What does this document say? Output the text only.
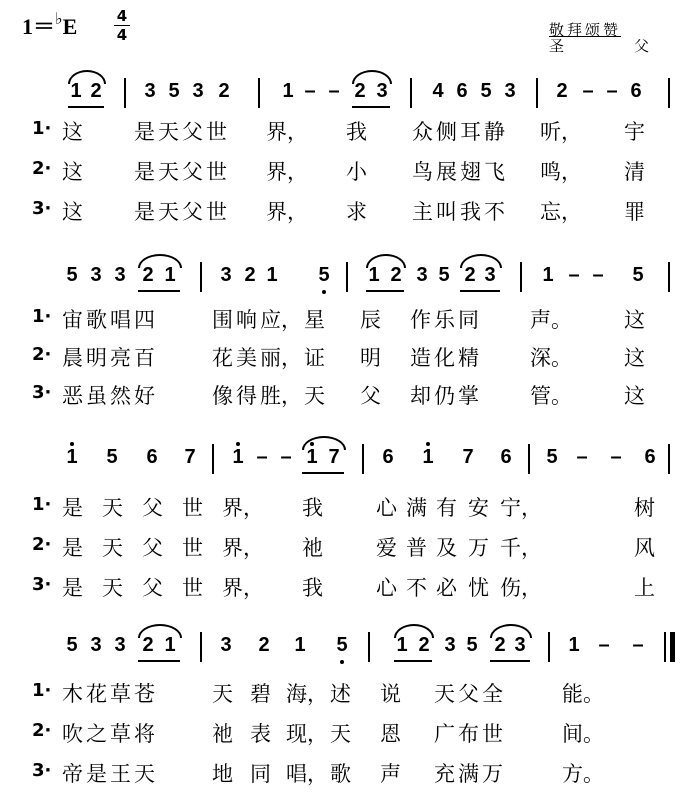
1＝♭E	4
4	敬拜颂赞
圣	父
1 2 3 5 3 2	1 – – 2 3 4 6 5 3 2 – – 6
1· 这 是 天 父 世 界， 我 众 侧 耳 静 听， 宇
2· 这 是 天 父 世 界， 小 鸟 展 翅 飞 鸣， 清
3· 这 是 天 父 世 界， 求 主 叫 我 不 忘， 罪
5 3 3 2 1 3 2 1 5 1 2 3 5 2 3 1 – – 5
1· 宙 歌 唱 四	围 响 应， 星 辰 作 乐 同 声。 这
2· 晨 明 亮 百	花 美 丽， 证 明 造 化 精 深。 这
3· 恶 虽 然 好	像 得 胜， 天 父 却 仍 掌 管。 这
1 5 6 7 1 – – 1 7 6 1 7 6 5 – – 6
1· 是 天 父 世 界， 我	心 满 有 安 宁，	树
2· 是 天 父 世 界， 祂	爱 普 及 万 千，	风
3· 是 天 父 世 界， 我	心 不 必 忧 伤，	上
5 3 3 2 1 3 2 1 5 1 2 3 5 2 3 1 – –
1· 木 花 草 苍	天 碧 海， 述 说 天 父 全	能。
2· 吹 之 草 将	祂 表 现， 天 恩 广 布 世	间。
3· 帝 是 王 天	地 同 唱， 歌 声 充 满 万	方。
